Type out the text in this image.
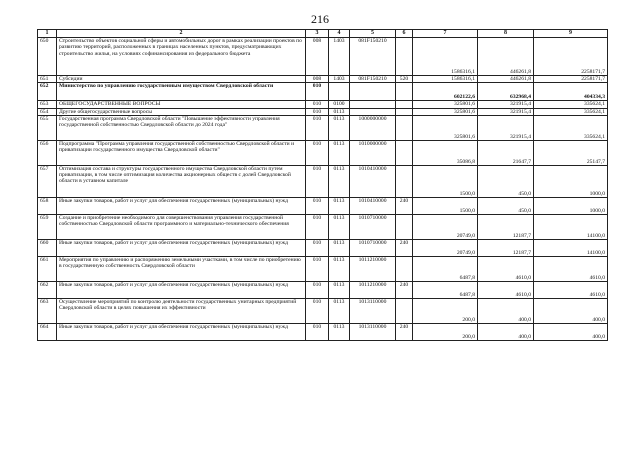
216
1	2	3	4	5	6	7	8	9
650	Строительство объектов социальной сферы и автомобильных дорог в рамках реализации проектов по развитию территорий, расположенных в границах населенных пунктов, предусматривающих строительство жилья, на условиях софинансирования из федерального бюджета	008	1403	081F150210		1586316,1	446261,8	2258171,7
651	Субсидии	008	1403	081F150210	520	1586316,1	446261,8	2258171,7
652	Министерство по управлению государственным имуществом Свердловской области	010				602122,6	632968,4	404334,3
653	ОБЩЕГОСУДАРСТВЕННЫЕ ВОПРОСЫ	010	0100			325801,6	321915,4	335624,1
654	Другие общегосударственные вопросы	010	0113			325801,6	321915,4	335624,1
655	Государственная программа Свердловской области "Повышение эффективности управления государственной собственностью Свердловской области до 2024 года"	010	0113	1000000000		325801,6	321915,4	335624,1
656	Подпрограмма "Программа управления государственной собственностью Свердловской области и приватизации государственного имущества Свердловской области"	010	0113	1010000000		35086,8	21647,7	25147,7
657	Оптимизация состава и структуры государственного имущества Свердловской области путем приватизации, в том числе оптимизация количества акционерных обществ с долей Свердловской области в уставном капитале	010	0113	1010410000		1500,0	450,0	1000,0
658	Иные закупки товаров, работ и услуг для обеспечения государственных (муниципальных) нужд	010	0113	1010410000	240	1500,0	450,0	1000,0
659	Создание и приобретение необходимого для совершенствования управления государственной собственностью Свердловской области программного и материально-технического обеспечения	010	0113	1010710000		20749,0	12187,7	14100,0
660	Иные закупки товаров, работ и услуг для обеспечения государственных (муниципальных) нужд	010	0113	1010710000	240	20749,0	12187,7	14100,0
661	Мероприятия по управлению и распоряжению земельными участками, в том числе по приобретению в государственную собственность Свердловской области	010	0113	1011210000		6487,8	4610,0	4610,0
662	Иные закупки товаров, работ и услуг для обеспечения государственных (муниципальных) нужд	010	0113	1011210000	240	6487,8	4610,0	4610,0
663	Осуществление мероприятий по контролю деятельности государственных унитарных предприятий Свердловской области в целях повышения их эффективности	010	0113	1013110000		200,0	400,0	400,0
664	Иные закупки товаров, работ и услуг для обеспечения государственных (муниципальных) нужд	010	0113	1013110000	240	200,0	400,0	400,0
